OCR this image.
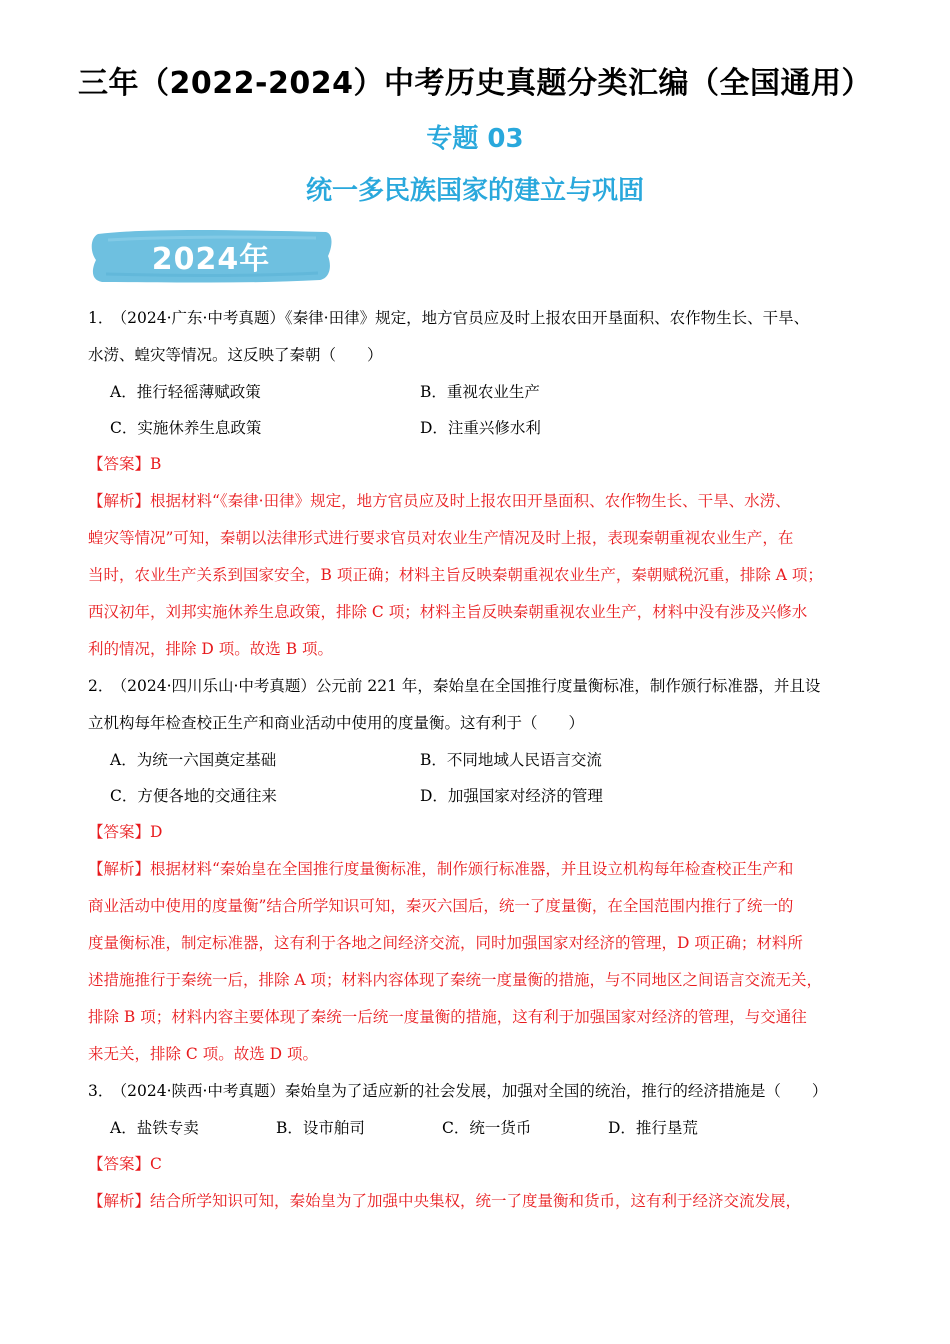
三年（2022-2024）中考历史真题分类汇编（全国通用）
专题 03
统一多民族国家的建立与巩固
2024年
1． （2024·广东·中考真题）《秦律·田律》规定，地方官员应及时上报农田开垦面积、农作物生长、干旱、
水涝、蝗灾等情况。这反映了秦朝（　　）
A．推行轻徭薄赋政策	B．重视农业生产
C．实施休养生息政策	D．注重兴修水利
【答案】B
【解析】根据材料“《秦律·田律》规定，地方官员应及时上报农田开垦面积、农作物生长、干旱、水涝、
蝗灾等情况”可知，秦朝以法律形式进行要求官员对农业生产情况及时上报，表现秦朝重视农业生产，在
当时，农业生产关系到国家安全，B 项正确；材料主旨反映秦朝重视农业生产，秦朝赋税沉重，排除 A 项；
西汉初年，刘邦实施休养生息政策，排除 C 项；材料主旨反映秦朝重视农业生产，材料中没有涉及兴修水
利的情况，排除 D 项。故选 B 项。
2． （2024·四川乐山·中考真题）公元前 221 年，秦始皇在全国推行度量衡标准，制作颁行标准器，并且设
立机构每年检查校正生产和商业活动中使用的度量衡。这有利于（　　）
A．为统一六国奠定基础	B．不同地域人民语言交流
C．方便各地的交通往来	D．加强国家对经济的管理
【答案】D
【解析】根据材料“秦始皇在全国推行度量衡标准，制作颁行标准器，并且设立机构每年检查校正生产和
商业活动中使用的度量衡”结合所学知识可知，秦灭六国后，统一了度量衡，在全国范围内推行了统一的
度量衡标准，制定标准器，这有利于各地之间经济交流，同时加强国家对经济的管理，D 项正确；材料所
述措施推行于秦统一后，排除 A 项；材料内容体现了秦统一度量衡的措施，与不同地区之间语言交流无关，
排除 B 项；材料内容主要体现了秦统一后统一度量衡的措施，这有利于加强国家对经济的管理，与交通往
来无关，排除 C 项。故选 D 项。
3． （2024·陕西·中考真题）秦始皇为了适应新的社会发展，加强对全国的统治，推行的经济措施是（　　）
A．盐铁专卖	B．设市舶司	C．统一货币	D．推行垦荒
【答案】C
【解析】结合所学知识可知，秦始皇为了加强中央集权，统一了度量衡和货币，这有利于经济交流发展，
